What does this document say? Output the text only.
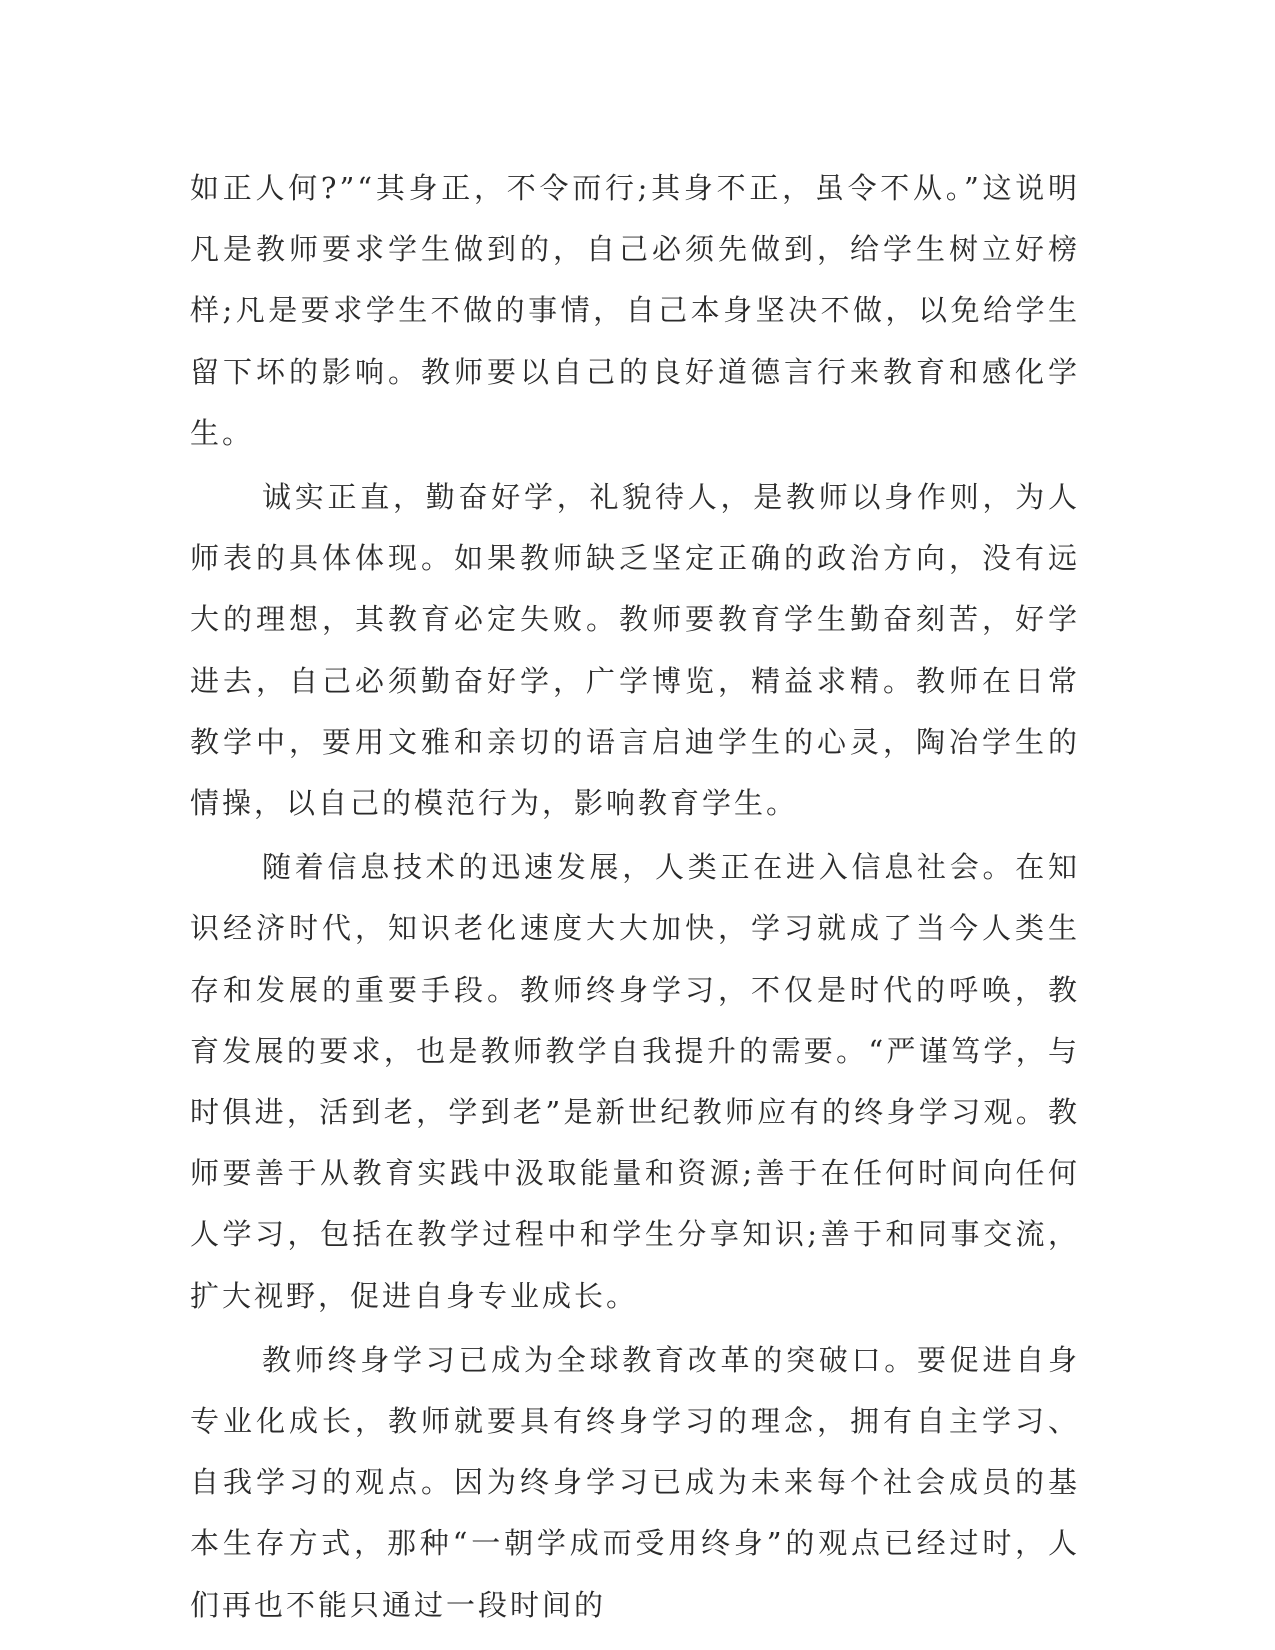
如正人何?”“其身正，不令而行;其身不正，虽令不从。”这说明凡是教师要求学生做到的，自己必须先做到，给学生树立好榜样;凡是要求学生不做的事情，自己本身坚决不做，以免给学生留下坏的影响。教师要以自己的良好道德言行来教育和感化学生。

诚实正直，勤奋好学，礼貌待人，是教师以身作则，为人师表的具体体现。如果教师缺乏坚定正确的政治方向，没有远大的理想，其教育必定失败。教师要教育学生勤奋刻苦，好学进去，自己必须勤奋好学，广学博览，精益求精。教师在日常教学中，要用文雅和亲切的语言启迪学生的心灵，陶冶学生的情操，以自己的模范行为，影响教育学生。

随着信息技术的迅速发展，人类正在进入信息社会。在知识经济时代，知识老化速度大大加快，学习就成了当今人类生存和发展的重要手段。教师终身学习，不仅是时代的呼唤，教育发展的要求，也是教师教学自我提升的需要。“严谨笃学，与时俱进，活到老，学到老”是新世纪教师应有的终身学习观。教师要善于从教育实践中汲取能量和资源;善于在任何时间向任何人学习，包括在教学过程中和学生分享知识;善于和同事交流，扩大视野，促进自身专业成长。

教师终身学习已成为全球教育改革的突破口。要促进自身专业化成长，教师就要具有终身学习的理念，拥有自主学习、自我学习的观点。因为终身学习已成为未来每个社会成员的基本生存方式，那种“一朝学成而受用终身”的观点已经过时，人们再也不能只通过一段时间的
